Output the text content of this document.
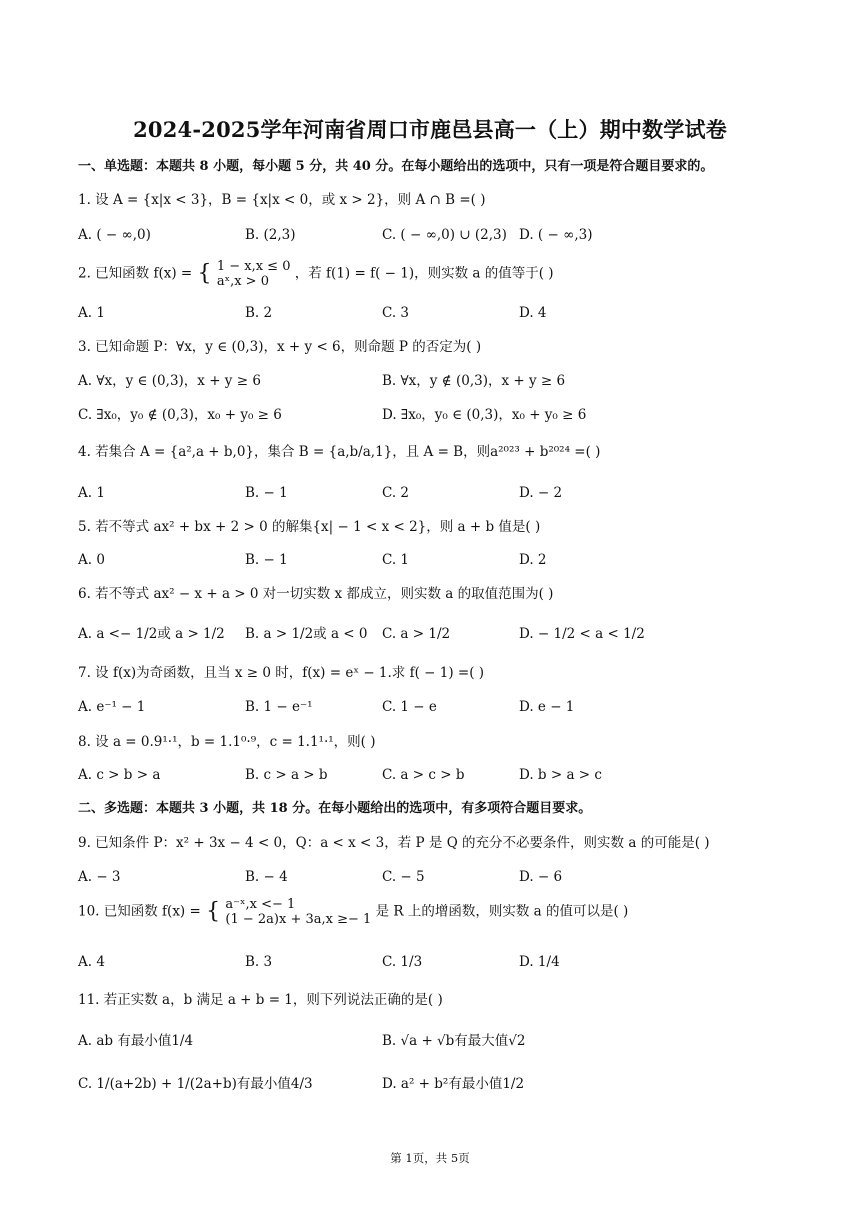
2024-2025学年河南省周口市鹿邑县高一（上）期中数学试卷
一、单选题：本题共 8 小题，每小题 5 分，共 40 分。在每小题给出的选项中，只有一项是符合题目要求的。
1. 设 A = {x|x < 3}，B = {x|x < 0，或 x > 2}，则 A ∩ B =( )
A. ( − ∞,0)	B. (2,3)	C. ( − ∞,0) ∪ (2,3) D. ( − ∞,3)
2. 已知函数 f(x) = { 1 − x,x ≤ 0
aˣ,x > 0	，若 f(1) = f( − 1)，则实数 a 的值等于( )
A. 1	B. 2	C. 3	D. 4
3. 已知命题 P：∀x，y ∈ (0,3)，x + y < 6，则命题 P 的否定为( )
A. ∀x，y ∈ (0,3)，x + y ≥ 6	B. ∀x，y ∉ (0,3)，x + y ≥ 6
C. ∃x₀，y₀ ∉ (0,3)，x₀ + y₀ ≥ 6	D. ∃x₀，y₀ ∈ (0,3)，x₀ + y₀ ≥ 6
4. 若集合 A = {a²,a + b,0}，集合 B = {a,b/a,1}，且 A = B，则a²⁰²³ + b²⁰²⁴ =( )
A. 1	B. − 1	C. 2	D. − 2
5. 若不等式 ax² + bx + 2 > 0 的解集{x| − 1 < x < 2}，则 a + b 值是( )
A. 0	B. − 1	C. 1	D. 2
6. 若不等式 ax² − x + a > 0 对一切实数 x 都成立，则实数 a 的取值范围为( )
A. a <− 1/2或 a > 1/2 B. a > 1/2或 a < 0 C. a > 1/2	D. − 1/2 < a < 1/2
7. 设 f(x)为奇函数，且当 x ≥ 0 时，f(x) = eˣ − 1.求 f( − 1) =( )
A. e⁻¹ − 1	B. 1 − e⁻¹	C. 1 − e	D. e − 1
8. 设 a = 0.9¹·¹，b = 1.1⁰·⁹，c = 1.1¹·¹，则( )
A. c > b > a	B. c > a > b	C. a > c > b	D. b > a > c
二、多选题：本题共 3 小题，共 18 分。在每小题给出的选项中，有多项符合题目要求。
9. 已知条件 P：x² + 3x − 4 < 0，Q：a < x < 3，若 P 是 Q 的充分不必要条件，则实数 a 的可能是( )
A. − 3	B. − 4	C. − 5	D. − 6
10. 已知函数 f(x) = { a⁻ˣ,x <− 1
(1 − 2a)x + 3a,x ≥− 1 是 R 上的增函数，则实数 a 的值可以是( )
A. 4	B. 3	C. 1/3	D. 1/4
11. 若正实数 a，b 满足 a + b = 1，则下列说法正确的是( )
A. ab 有最小值1/4	B. √a + √b有最大值√2
C. 1/(a+2b) + 1/(2a+b)有最小值4/3	D. a² + b²有最小值1/2
第 1页，共 5页
